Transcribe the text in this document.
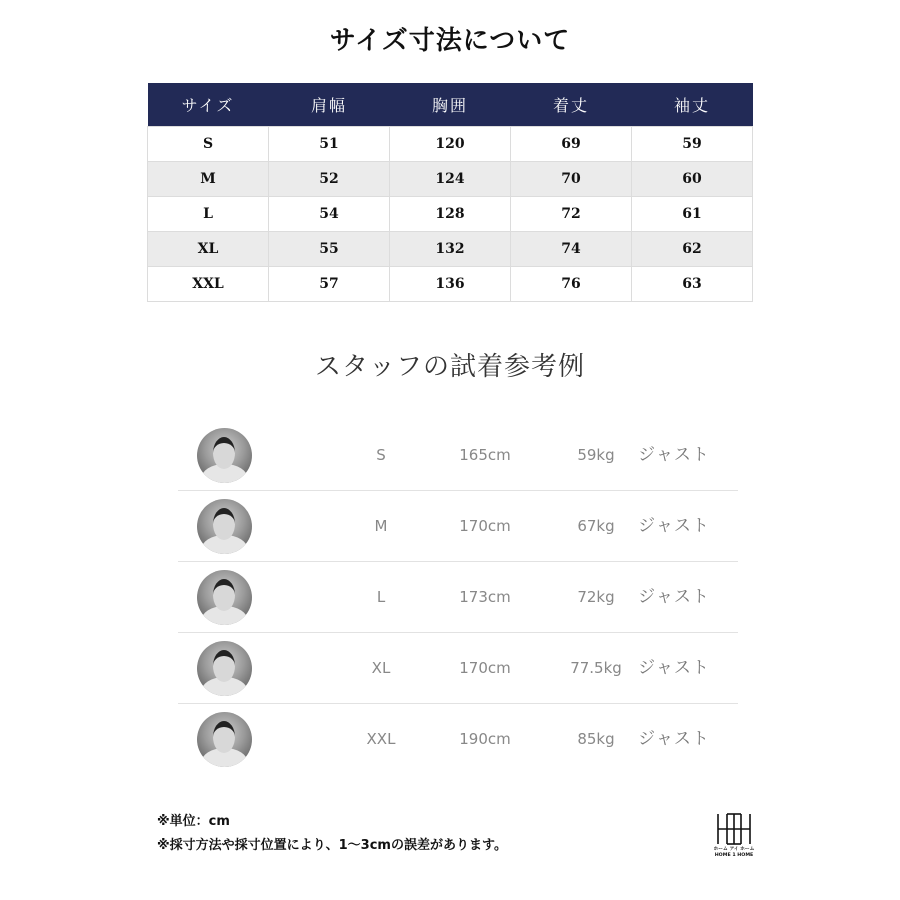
サイズ寸法について
サイズ	肩幅	胸囲	着丈	袖丈
S	51	120	69	59
M	52	124	70	60
L	54	128	72	61
XL	55	132	74	62
XXL	57	136	76	63
スタッフの試着参考例
S	165cm	59kg	ジャスト
M	170cm	67kg	ジャスト
L	173cm	72kg	ジャスト
XL	170cm	77.5kg ジャスト
XXL	190cm	85kg	ジャスト
※単位：cm
※採寸方法や採寸位置により、1～3cmの誤差があります。	ホーム アイ ホーム
HOME 1 HOME
